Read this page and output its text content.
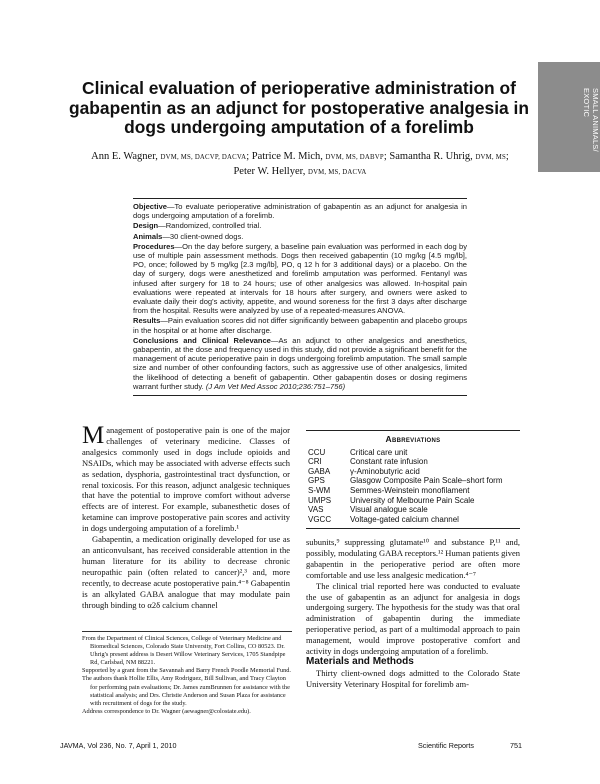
SMALL ANIMALS/ EXOTIC
Clinical evaluation of perioperative administration of gabapentin as an adjunct for postoperative analgesia in dogs undergoing amputation of a forelimb
Ann E. Wagner, DVM, MS, DACVP, DACVA; Patrice M. Mich, DVM, MS, DABVP; Samantha R. Uhrig, DVM, MS; Peter W. Hellyer, DVM, MS, DACVA

Objective—To evaluate perioperative administration of gabapentin as an adjunct for analgesia in dogs undergoing amputation of a forelimb.

Design—Randomized, controlled trial.

Animals—30 client-owned dogs.

Procedures—On the day before surgery, a baseline pain evaluation was performed in each dog by use of multiple pain assessment methods. Dogs then received gabapentin (10 mg/kg [4.5 mg/lb], PO, once; followed by 5 mg/kg [2.3 mg/lb], PO, q 12 h for 3 additional days) or a placebo. On the day of surgery, dogs were anesthetized and forelimb amputation was performed. Fentanyl was infused after surgery for 18 to 24 hours; use of other analgesics was allowed. In-hospital pain evaluations were repeated at intervals for 18 hours after surgery, and owners were asked to evaluate daily their dog's activity, appetite, and wound soreness for the first 3 days after discharge from the hospital. Results were analyzed by use of a repeated-measures ANOVA.

Results—Pain evaluation scores did not differ significantly between gabapentin and placebo groups in the hospital or at home after discharge.

Conclusions and Clinical Relevance—As an adjunct to other analgesics and anesthetics, gabapentin, at the dose and frequency used in this study, did not provide a significant benefit for the management of acute perioperative pain in dogs undergoing forelimb amputation. The small sample size and number of other confounding factors, such as aggressive use of other analgesics, limited the likelihood of detecting a benefit of gabapentin. Other gabapentin doses or dosing regimens warrant further study. (J Am Vet Med Assoc 2010;236:751–756)

Management of postoperative pain is one of the major challenges of veterinary medicine. Classes of analgesics commonly used in dogs include opioids and NSAIDs, which may be associated with adverse effects such as sedation, dysphoria, gastrointestinal tract dysfunction, or renal toxicosis. For this reason, adjunct analgesic techniques that have the potential to improve comfort without adverse effects are of interest. For example, subanesthetic doses of ketamine can improve postoperative pain scores and activity in dogs undergoing amputation of a forelimb.¹

Gabapentin, a medication originally developed for use as an anticonvulsant, has received considerable attention in the human literature for its ability to decrease chronic neuropathic pain (often related to cancer)²,³ and, more recently, to decrease acute postoperative pain.⁴⁻⁸ Gabapentin is an alkylated GABA analogue that may modulate pain through binding to α2δ calcium channel

From the Department of Clinical Sciences, College of Veterinary Medicine and Biomedical Sciences, Colorado State University, Fort Collins, CO 80523. Dr. Uhrig's present address is Desert Willow Veterinary Services, 1705 Standpipe Rd, Carlsbad, NM 88221.

Supported by a grant from the Savannah and Barry French Poodle Memorial Fund.

The authors thank Hollie Ellis, Amy Rodriguez, Bill Sullivan, and Tracy Clayton for performing pain evaluations; Dr. James zumBrunnen for assistance with the statistical analysis; and Drs. Christie Anderson and Susan Plaza for assistance with recruitment of dogs for the study.

Address correspondence to Dr. Wagner (aewagner@colostate.edu).

Abbreviations
CCU	Critical care unit
CRI	Constant rate infusion
GABA	γ-Aminobutyric acid
GPS	Glasgow Composite Pain Scale–short form
S-WM	Semmes-Weinstein monofilament
UMPS	University of Melbourne Pain Scale
VAS	Visual analogue scale
VGCC	Voltage-gated calcium channel

subunits,⁹ suppressing glutamate¹⁰ and substance P,¹¹ and, possibly, modulating GABA receptors.¹² Human patients given gabapentin in the perioperative period are often more comfortable and use less analgesic medication.⁴⁻⁷

The clinical trial reported here was conducted to evaluate the use of gabapentin as an adjunct for analgesia in dogs undergoing surgery. The hypothesis for the study was that oral administration of gabapentin during the immediate perioperative period, as part of a multimodal approach to pain management, would improve postoperative comfort and activity in dogs undergoing amputation of a forelimb.

Materials and Methods

Thirty client-owned dogs admitted to the Colorado State University Veterinary Hospital for forelimb am-

JAVMA, Vol 236, No. 7, April 1, 2010	Scientific Reports	751
